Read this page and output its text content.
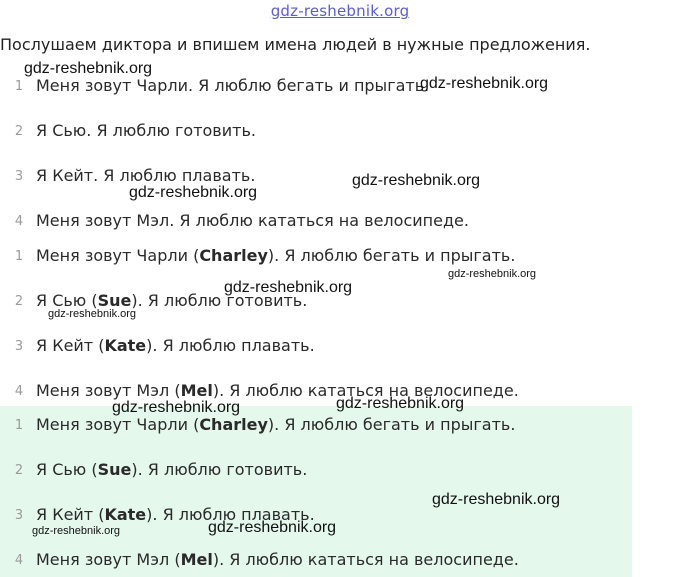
gdz-reshebnik.org
Послушаем диктора и впишем имена людей в нужные предложения.
1 Меня зовут Чарли. Я люблю бегать и прыгать.
2 Я Сью. Я люблю готовить.
3 Я Кейт. Я люблю плавать.
4 Меня зовут Мэл. Я люблю кататься на велосипеде.
1 Меня зовут Чарли (Charley). Я люблю бегать и прыгать.
2 Я Сью (Sue). Я люблю готовить.
3 Я Кейт (Kate). Я люблю плавать.
4 Меня зовут Мэл (Mel). Я люблю кататься на велосипеде.
1 Меня зовут Чарли (Charley). Я люблю бегать и прыгать.
2 Я Сью (Sue). Я люблю готовить.
3 Я Кейт (Kate). Я люблю плавать.
4 Меня зовут Мэл (Mel). Я люблю кататься на велосипеде.
gdz-reshebnik.org
gdz-reshebnik.org
gdz-reshebnik.org
gdz-reshebnik.org
gdz-reshebnik.org
gdz-reshebnik.org
gdz-reshebnik.org
gdz-reshebnik.org
gdz-reshebnik.org
gdz-reshebnik.org
gdz-reshebnik.org
gdz-reshebnik.org
